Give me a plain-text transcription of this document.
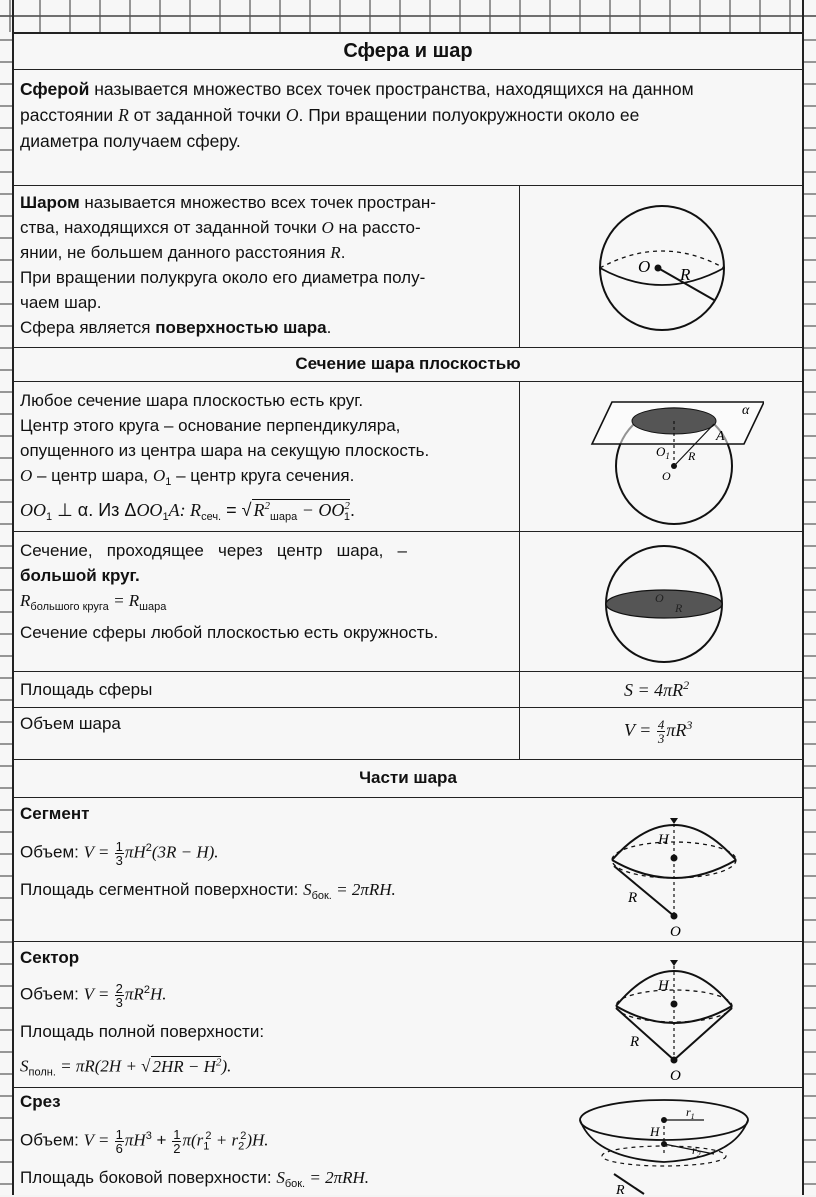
Сфера и шар
Сферой называется множество всех точек пространства, находящихся на данном
расстоянии R от заданной точки O. При вращении полуокружности около ее
диаметра получаем сферу.
Шаром называется множество всех точек простран-
ства, находящихся от заданной точки O на рассто-
янии, не большем данного расстояния R.
При вращении полукруга около его диаметра полу-
чаем шар.
Сфера является поверхностью шара.
O R
Сечение шара плоскостью
Любое сечение шара плоскостью есть круг.
Центр этого круга – основание перпендикуляра,
опущенного из центра шара на секущую плоскость.
O – центр шара, $O_1$ – центр круга сечения.
$OO_1$ ⊥ α. Из $\Delta OO_1A$: $R_{сеч.}$ = √ $R^2_{шара} - OO^2_1$.
α
A
$O_1$
O
R
Сечение,   проходящее   через   центр   шара,   –
большой круг.
$R_{большого круга} = R_{шара}$
Сечение сферы любой плоскостью есть окружность.
O
R
Площадь сферы	$S = 4\pi R^2$
Объем шара	$V = \frac{4}{3} \pi R^3$
Части шара
Сегмент
Объем: $V = \frac{1}{3} \pi H^2(3R - H)$.
Площадь сегментной поверхности: $S_{бок.} = 2\pi RH$.
H
R
O
Сектор
Объем: $V = \frac{2}{3} \pi R^2H$.
Площадь полной поверхности:
$S_{полн.} = \pi R(2H$ + √ $2HR - H^2$).
H
R
O
Срез
Объем: $V = \frac{1}{6} \pi H^3 + \frac{1}{2} \pi(r_1^2 + r_2^2)H$.
Площадь боковой поверхности: $S_{бок.} = 2\pi RH$.
H
$r_1$
$r_2$
R
